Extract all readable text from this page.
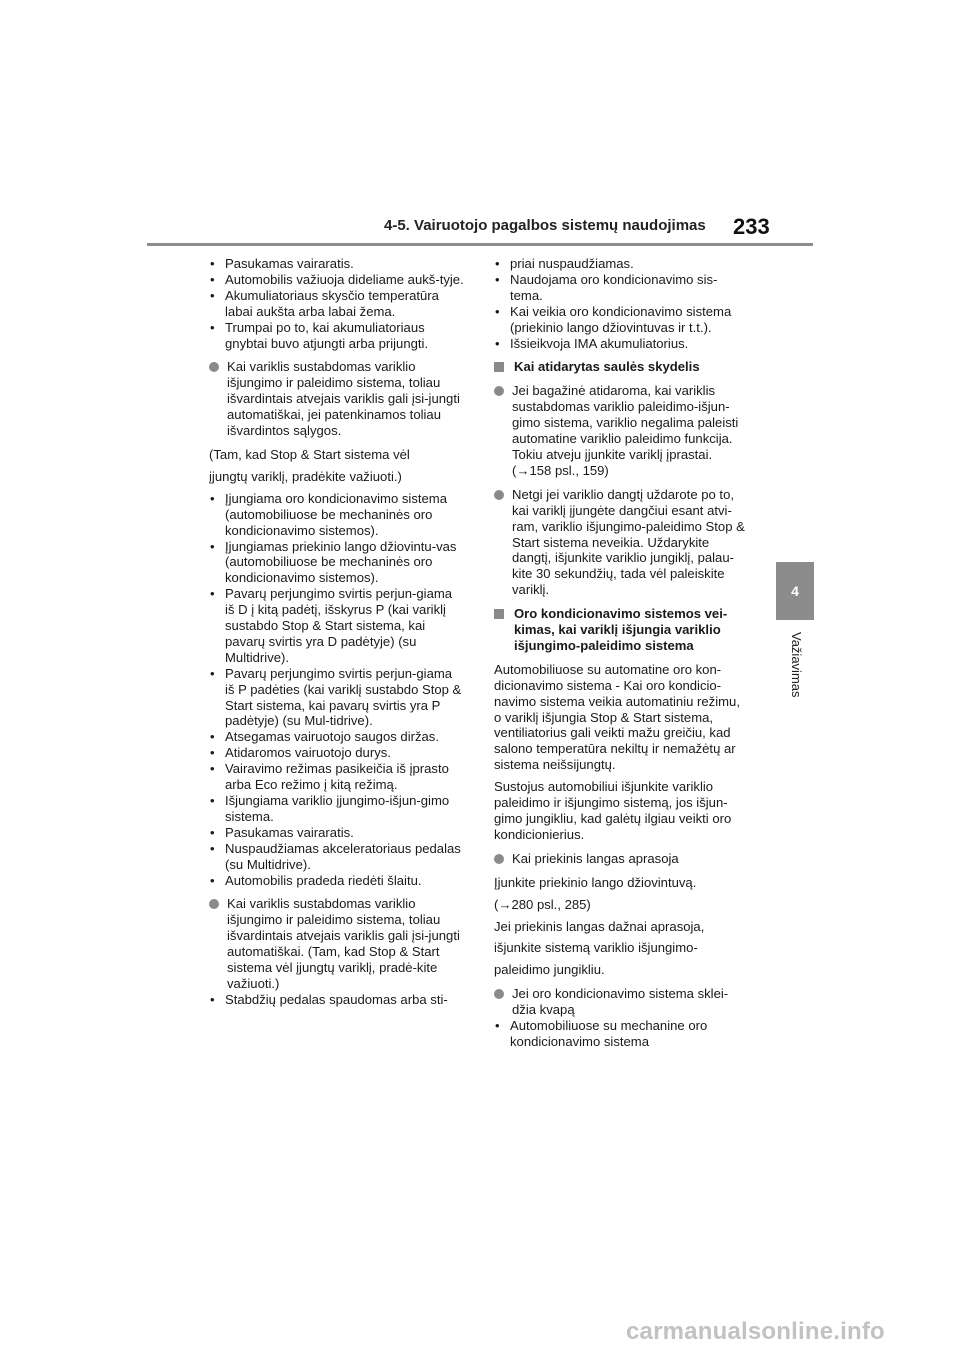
4-5. Vairuotojo pagalbos sistemų naudojimas 233
4
Važiavimas
• Pasukamas vairaratis.
• Automobilis važiuoja dideliame aukš-tyje.
• Akumuliatoriaus skysčio temperatūra labai aukšta arba labai žema.
• Trumpai po to, kai akumuliatoriaus gnybtai buvo atjungti arba prijungti.
Kai variklis sustabdomas variklio išjungimo ir paleidimo sistema, toliau išvardintais atvejais variklis gali įsi-jungti automatiškai, jei patenkinamos toliau išvardintos sąlygos.
(Tam, kad Stop & Start sistema vėl
įjungtų variklį, pradėkite važiuoti.)
• Įjungiama oro kondicionavimo sistema (automobiliuose be mechaninės oro kondicionavimo sistemos).
• Įjungiamas priekinio lango džiovintu-vas (automobiliuose be mechaninės oro kondicionavimo sistemos).
• Pavarų perjungimo svirtis perjun-giama iš D į kitą padėtį, išskyrus P (kai variklį sustabdo Stop & Start sistema, kai pavarų svirtis yra D padėtyje) (su Multidrive).
• Pavarų perjungimo svirtis perjun-giama iš P padėties (kai variklį sustabdo Stop & Start sistema, kai pavarų svirtis yra P padėtyje) (su Mul-tidrive).
• Atsegamas vairuotojo saugos diržas.
• Atidaromos vairuotojo durys.
• Vairavimo režimas pasikeičia iš įprasto arba Eco režimo į kitą režimą.
• Išjungiama variklio įjungimo-išjun-gimo sistema.
• Pasukamas vairaratis.
• Nuspaudžiamas akceleratoriaus pedalas (su Multidrive).
• Automobilis pradeda riedėti šlaitu.
Kai variklis sustabdomas variklio išjungimo ir paleidimo sistema, toliau išvardintais atvejais variklis gali įsi-jungti automatiškai. (Tam, kad Stop & Start sistema vėl įjungtų variklį, pradė-kite važiuoti.)
• Stabdžių pedalas spaudomas arba sti-
• priai nuspaudžiamas.
• Naudojama oro kondicionavimo sis-tema.
• Kai veikia oro kondicionavimo sistema (priekinio lango džiovintuvas ir t.t.).
• Išsieikvoja IMA akumuliatorius.
Kai atidarytas saulės skydelis
Jei bagažinė atidaroma, kai variklis sustabdomas variklio paleidimo-išjun-gimo sistema, variklio negalima paleisti automatine variklio paleidimo funkcija. Tokiu atveju įjunkite variklį įprastai. (→158 psl., 159)
Netgi jei variklio dangtį uždarote po to, kai variklį įjungėte dangčiui esant atvi-ram, variklio išjungimo-paleidimo Stop & Start sistema neveikia. Uždarykite dangtį, išjunkite variklio jungiklį, palau-kite 30 sekundžių, tada vėl paleiskite variklį.
Oro kondicionavimo sistemos vei-kimas, kai variklį išjungia variklio išjungimo-paleidimo sistema
Automobiliuose su automatine oro kon-dicionavimo sistema - Kai oro kondicio-navimo sistema veikia automatiniu režimu, o variklį išjungia Stop & Start sistema, ventiliatorius gali veikti mažu greičiu, kad salono temperatūra nekiltų ir nemažėtų ar sistema neišsijungtų.
Sustojus automobiliui išjunkite variklio paleidimo ir išjungimo sistemą, jos išjun-gimo jungikliu, kad galėtų ilgiau veikti oro kondicionierius.
Kai priekinis langas aprasoja
Įjunkite priekinio lango džiovintuvą.
(→280 psl., 285)
Jei priekinis langas dažnai aprasoja,
išjunkite sistemą variklio išjungimo-
paleidimo jungikliu.
Jei oro kondicionavimo sistema sklei-džia kvapą
• Automobiliuose su mechanine oro kondicionavimo sistema
carmanualsonline.info
